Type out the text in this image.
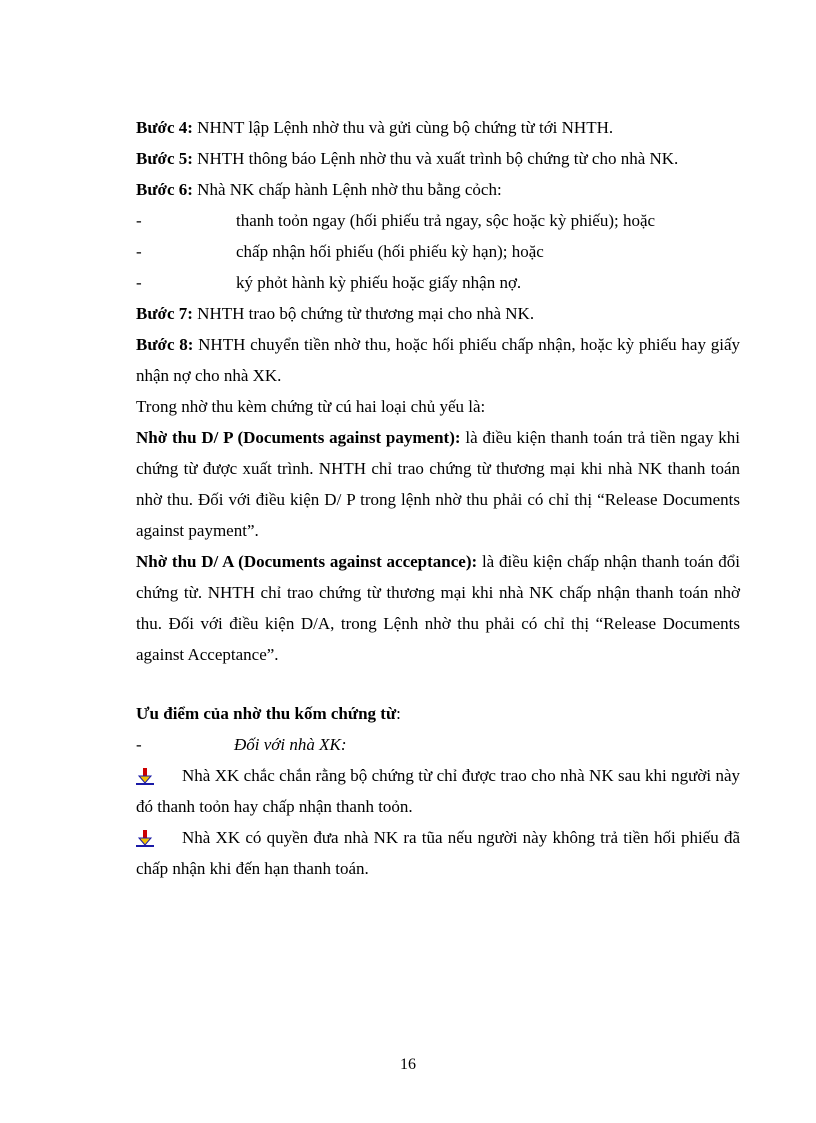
Bước 4: NHNT lập Lệnh nhờ thu và gửi cùng bộ chứng từ tới NHTH.
Bước 5: NHTH thông báo Lệnh nhờ thu và xuất trình bộ chứng từ cho nhà NK.
Bước 6: Nhà NK chấp hành Lệnh nhờ thu bằng cỏch:
-	thanh toỏn ngay (hối phiếu trả ngay, sộc hoặc kỳ phiếu); hoặc
-	chấp nhận hối phiếu (hối phiếu kỳ hạn); hoặc
-	ký phỏt hành kỳ phiếu hoặc giấy nhận nợ.
Bước 7: NHTH trao bộ chứng từ thương mại cho nhà NK.
Bước 8: NHTH chuyển tiền nhờ thu, hoặc hối phiếu chấp nhận, hoặc kỳ phiếu hay giấy nhận nợ cho nhà XK.
Trong nhờ thu kèm chứng từ cú hai loại chủ yếu là:
Nhờ thu D/ P (Documents against payment): là điều kiện thanh toán trả tiền ngay khi chứng từ được xuất trình. NHTH chỉ trao chứng từ thương mại khi nhà NK thanh toán nhờ thu. Đối với điều kiện D/ P trong lệnh nhờ thu phải có chỉ thị “Release Documents against payment”.
Nhờ thu D/ A (Documents against acceptance): là điều kiện chấp nhận thanh toán đổi chứng từ. NHTH chỉ trao chứng từ thương mại khi nhà NK chấp nhận thanh toán nhờ thu. Đối với điều kiện D/A, trong Lệnh nhờ thu phải có chỉ thị “Release Documents against Acceptance”.
Ưu điểm của nhờ thu kốm chứng từ:
-	Đối với nhà XK:
Nhà XK chắc chắn rằng bộ chứng từ chỉ được trao cho nhà NK sau khi người này đó thanh toỏn hay chấp nhận thanh toỏn.
Nhà XK có quyền đưa nhà NK ra tũa nếu người này không trả tiền hối phiếu đã chấp nhận khi đến hạn thanh toán.
16
